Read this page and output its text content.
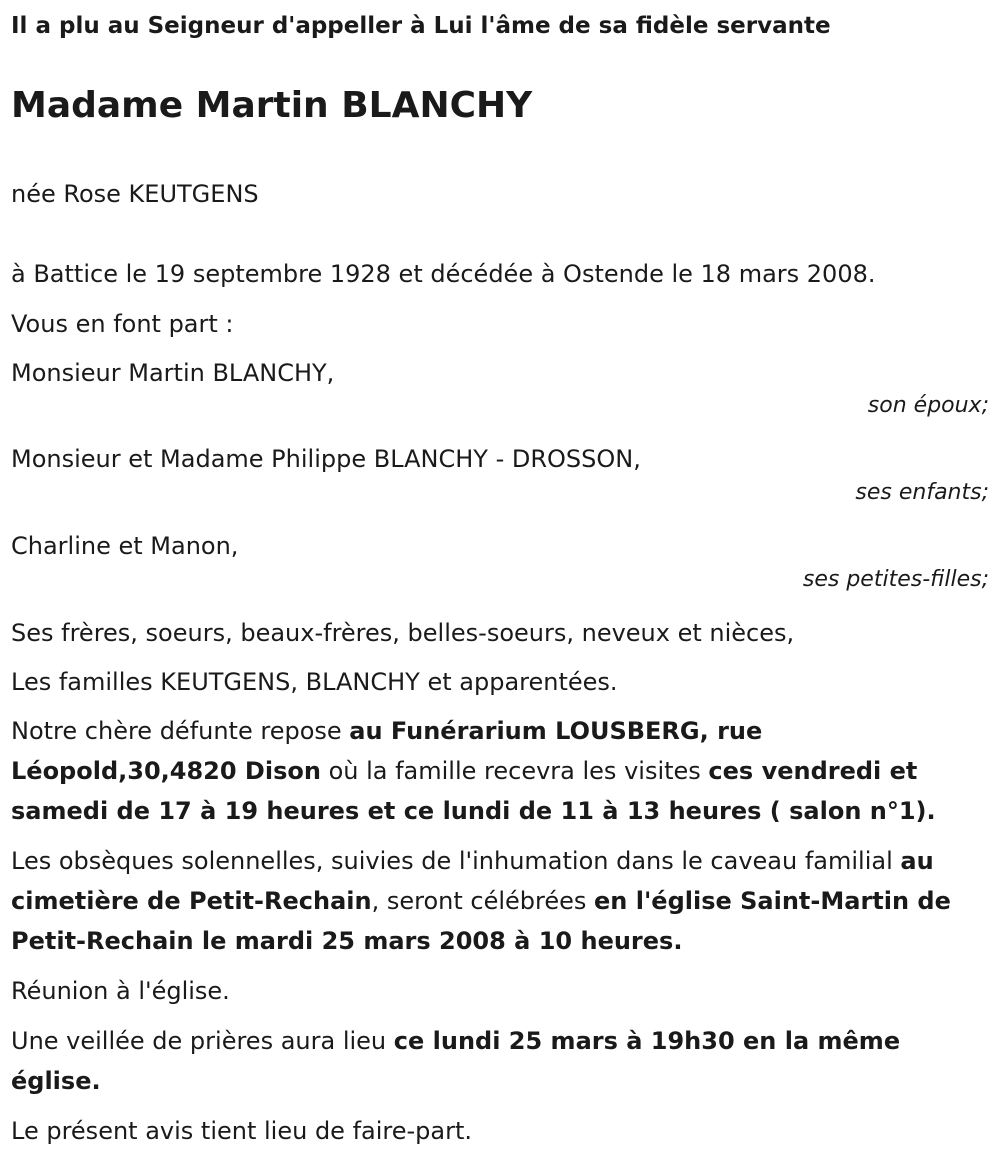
Il a plu au Seigneur d'appeller à Lui l'âme de sa fidèle servante
Madame Martin BLANCHY
née Rose KEUTGENS
à Battice le 19 septembre 1928 et décédée à Ostende le 18 mars 2008.
Vous en font part :
Monsieur Martin BLANCHY,
son époux;
Monsieur et Madame Philippe BLANCHY - DROSSON,
ses enfants;
Charline et Manon,
ses petites-filles;
Ses frères, soeurs, beaux-frères, belles-soeurs, neveux et nièces,
Les familles KEUTGENS, BLANCHY et apparentées.
Notre chère défunte repose au Funérarium LOUSBERG, rue Léopold,30,4820 Dison où la famille recevra les visites ces vendredi et samedi de 17 à 19 heures et ce lundi de 11 à 13 heures ( salon n°1).
Les obsèques solennelles, suivies de l'inhumation dans le caveau familial au cimetière de Petit-Rechain, seront célébrées en l'église Saint-Martin de Petit-Rechain le mardi 25 mars 2008 à 10 heures.
Réunion à l'église.
Une veillée de prières aura lieu ce lundi 25 mars à 19h30 en la même église.
Le présent avis tient lieu de faire-part.
